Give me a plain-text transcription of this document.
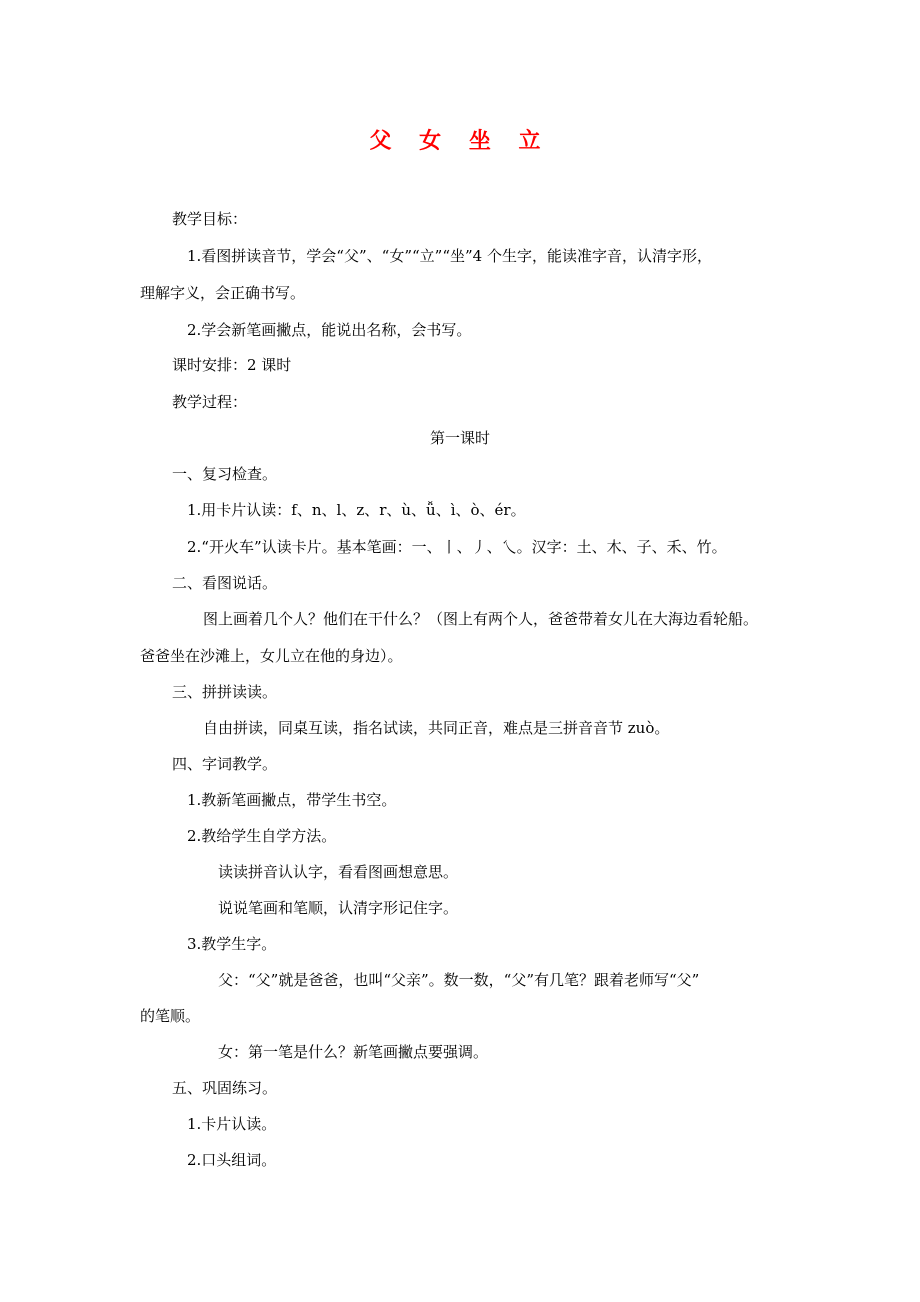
父 女 坐 立
教学目标：
1.看图拼读音节，学会“父”、“女”“立”“坐”4 个生字，能读准字音，认清字形，
理解字义，会正确书写。
2.学会新笔画撇点，能说出名称，会书写。
课时安排：2 课时
教学过程：
第一课时
一、复习检查。
1.用卡片认读：f、n、l、z、r、ù、ǚ、ì、ò、ér。
2.“开火车”认读卡片。基本笔画：一、丨、丿、乀。汉字：土、木、子、禾、竹。
二、看图说话。
图上画着几个人？他们在干什么？（图上有两个人，爸爸带着女儿在大海边看轮船。
爸爸坐在沙滩上，女儿立在他的身边）。
三、拼拼读读。
自由拼读，同桌互读，指名试读，共同正音，难点是三拼音音节 zuò。
四、字词教学。
1.教新笔画撇点，带学生书空。
2.教给学生自学方法。
读读拼音认认字，看看图画想意思。
说说笔画和笔顺，认清字形记住字。
3.教学生字。
父：“父”就是爸爸，也叫“父亲”。数一数，“父”有几笔？跟着老师写“父”
的笔顺。
女：第一笔是什么？新笔画撇点要强调。
五、巩固练习。
1.卡片认读。
2.口头组词。
